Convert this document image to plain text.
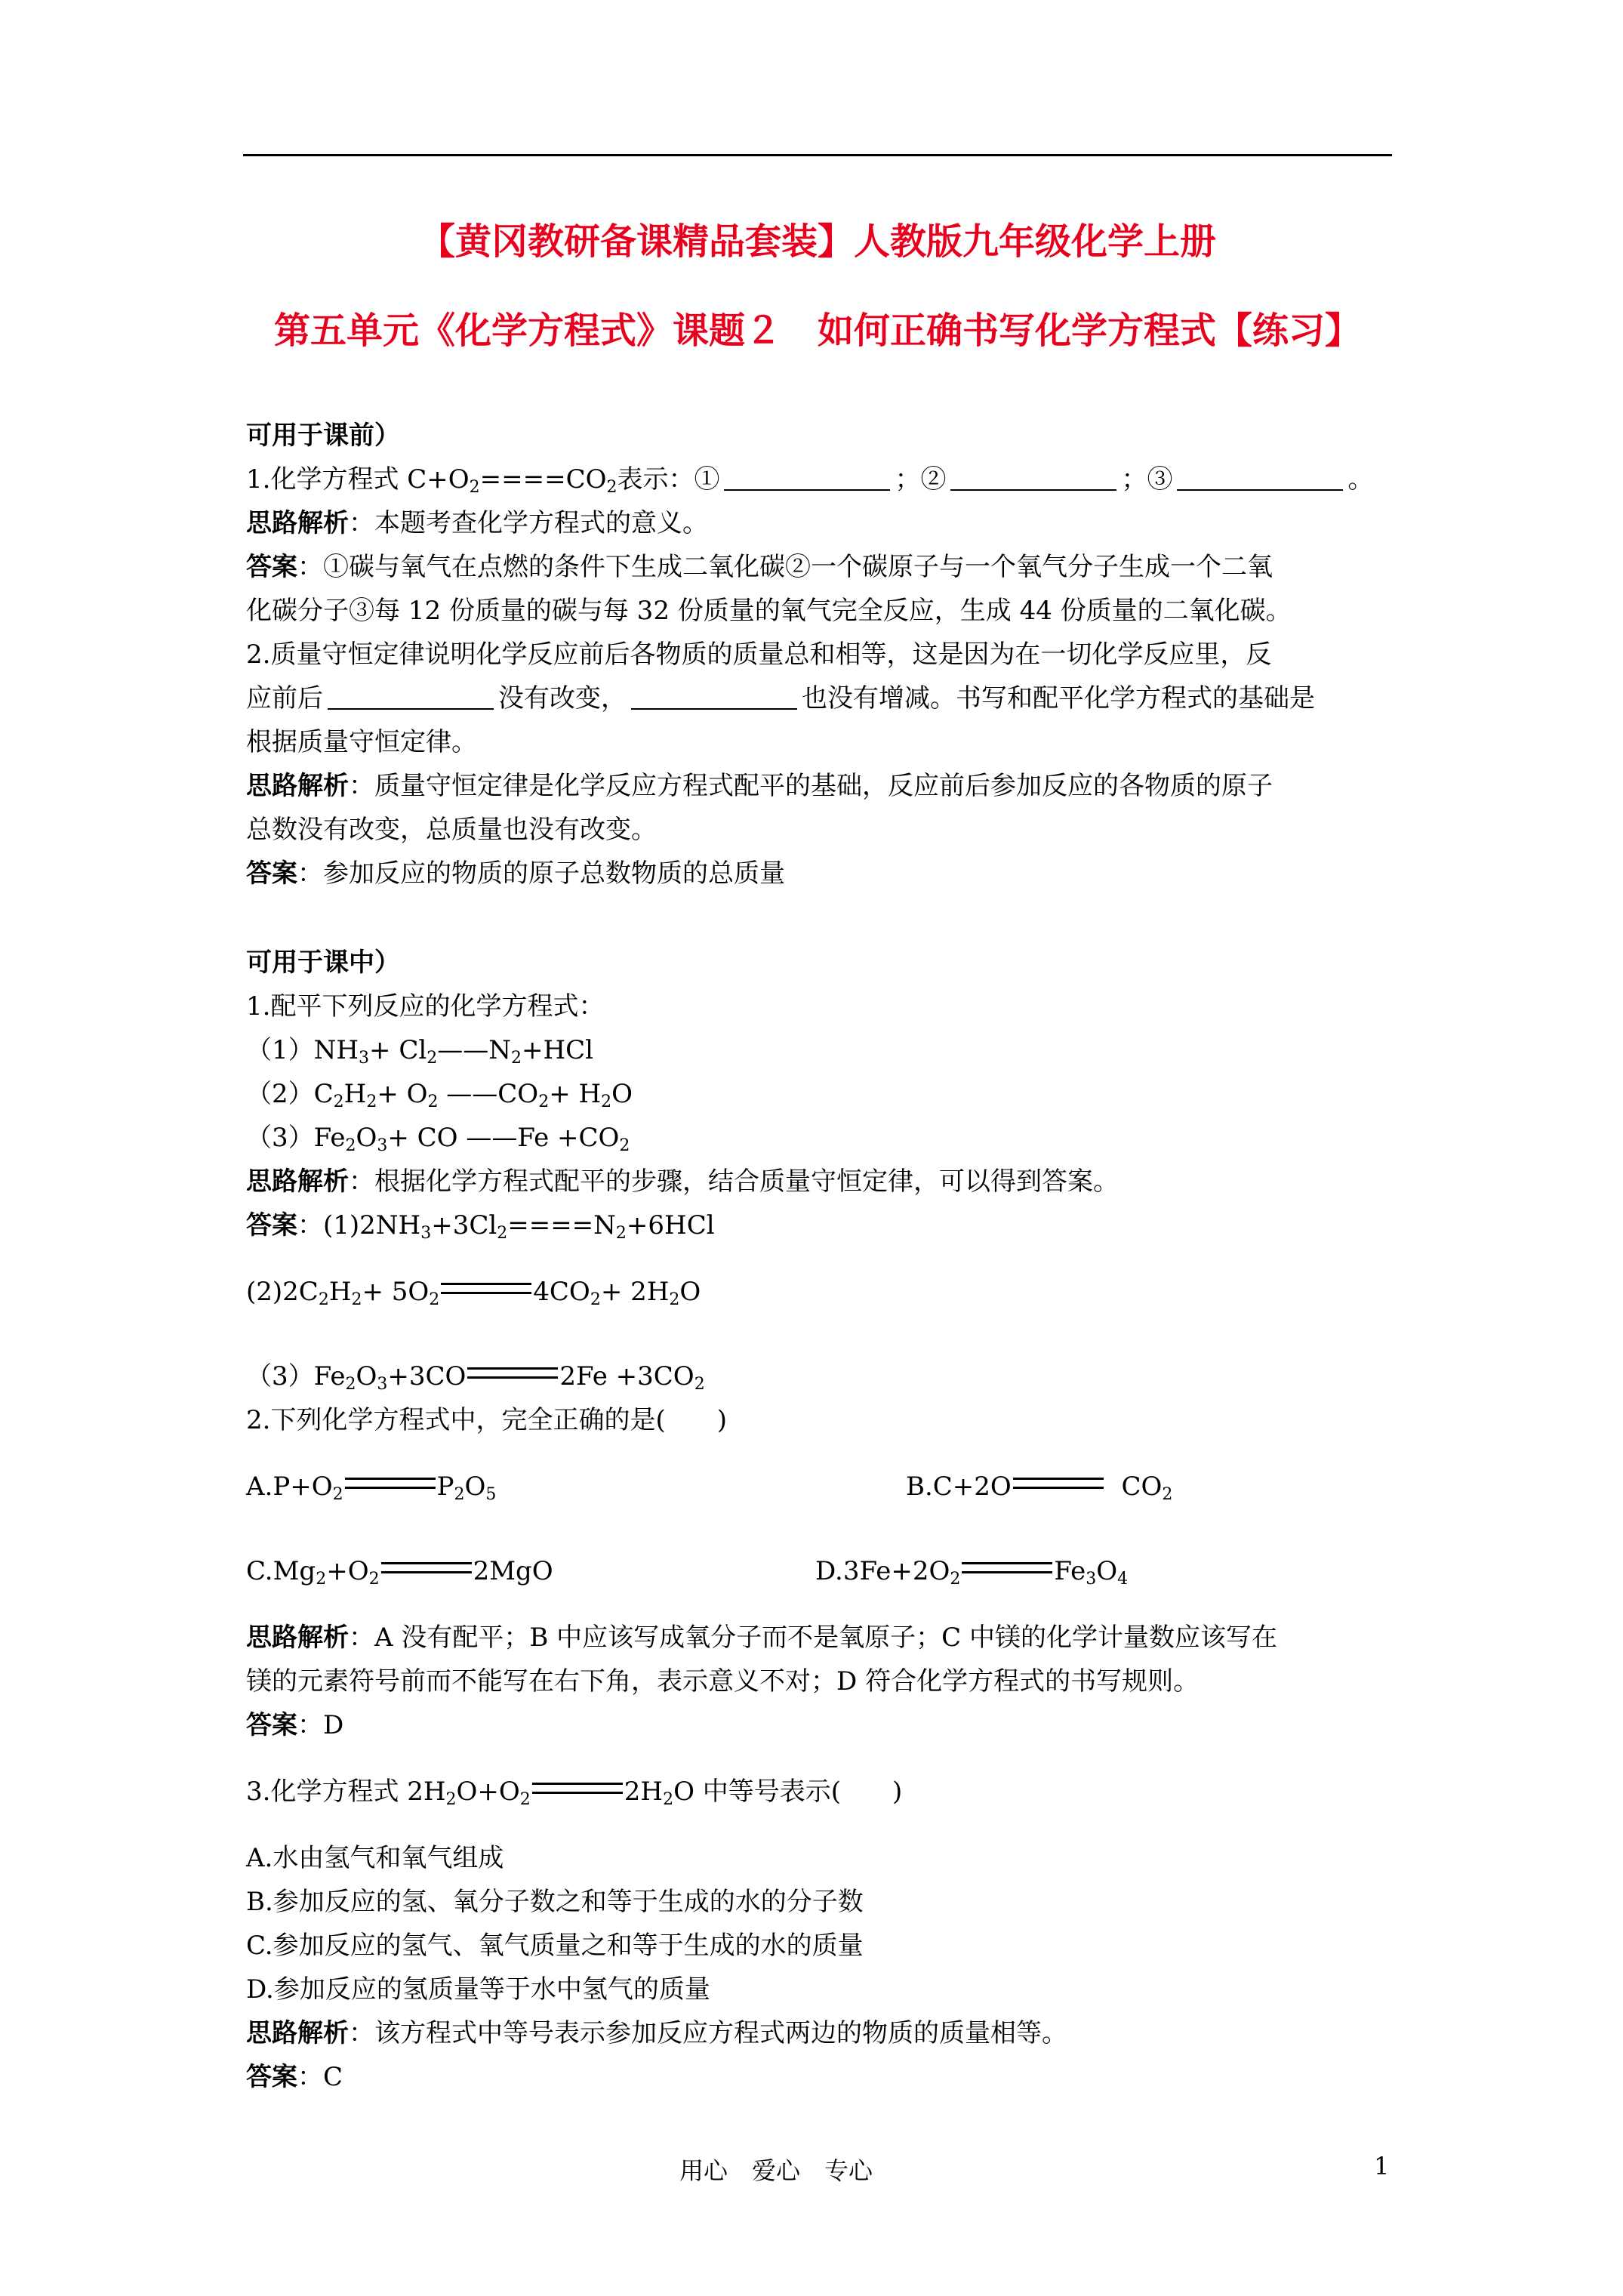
【黄冈教研备课精品套装】人教版九年级化学上册
第五单元《化学方程式》课题２　如何正确书写化学方程式【练习】
可用于课前）
1.化学方程式 $C+O_2====CO_2$表示：①	；②	；③	。
思路解析：本题考查化学方程式的意义。
答案：①碳与氧气在点燃的条件下生成二氧化碳②一个碳原子与一个氧气分子生成一个二氧
化碳分子③每 12 份质量的碳与每 32 份质量的氧气完全反应，生成 44 份质量的二氧化碳。
2.质量守恒定律说明化学反应前后各物质的质量总和相等，这是因为在一切化学反应里，反
应前后	没有改变，	也没有增减。书写和配平化学方程式的基础是
根据质量守恒定律。
思路解析：质量守恒定律是化学反应方程式配平的基础，反应前后参加反应的各物质的原子
总数没有改变，总质量也没有改变。
答案：参加反应的物质的原子总数物质的总质量
可用于课中）
1.配平下列反应的化学方程式：
$(1)NH_3+$ $Cl_2——N_2+HCl$
$(2)C_2H_2+ O_2$ $——CO_2+ H_2O$
$(3)Fe_2O_3+$ CO ——Fe $+CO_2$
思路解析：根据化学方程式配平的步骤，结合质量守恒定律，可以得到答案。
答案：$(1)2NH_3+3Cl_2====N_2+6HCl$
$(2)2C_2H_2+ 5O_2$	$4CO_2+ 2H_2O$
$(3)Fe_2O_3+3CO$	$2Fe +3CO_2$
2.下列化学方程式中，完全正确的是(　　)
$A.P+O_2$	$P_2O_5$	B.C+2O	$CO_2$
$C.Mg_2+O_2$	2MgO	$D.3Fe+2O_2$	$Fe_3O_4$
思路解析：A 没有配平；B 中应该写成氧分子而不是氧原子；C 中镁的化学计量数应该写在
镁的元素符号前而不能写在右下角，表示意义不对；D 符合化学方程式的书写规则。
答案：D
3.化学方程式 $2H_2O+O_2$	$2H_2O$ 中等号表示(　　)
A.水由氢气和氧气组成
B.参加反应的氢、氧分子数之和等于生成的水的分子数
C.参加反应的氢气、氧气质量之和等于生成的水的质量
D.参加反应的氢质量等于水中氢气的质量
思路解析：该方程式中等号表示参加反应方程式两边的物质的质量相等。
答案：C
用心　爱心　专心	1
